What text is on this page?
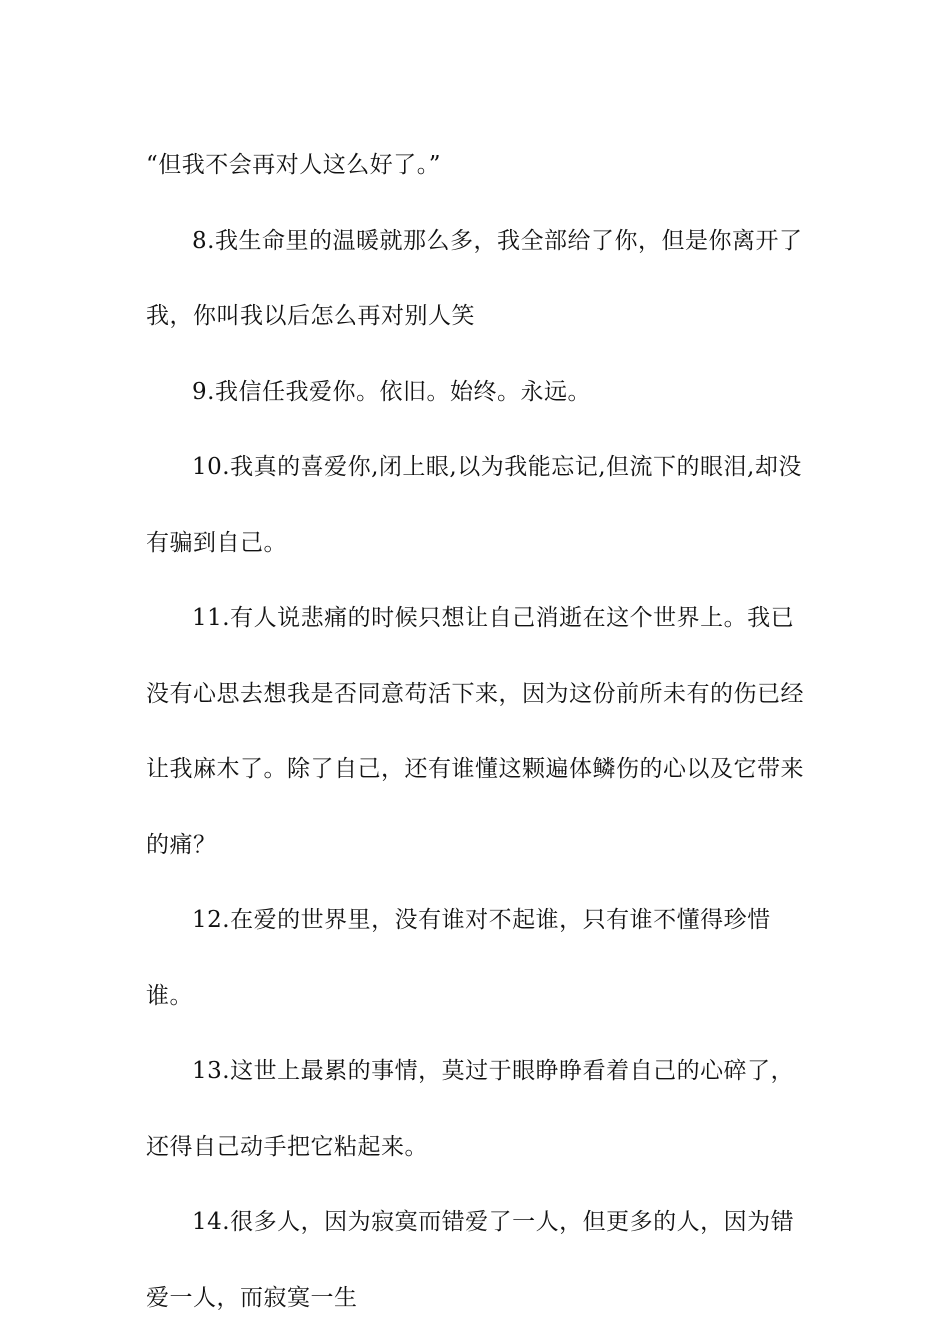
“但我不会再对人这么好了。”

8.我生命里的温暖就那么多，我全部给了你，但是你离开了我，你叫我以后怎么再对别人笑

9.我信任我爱你。依旧。始终。永远。

10.我真的喜爱你,闭上眼,以为我能忘记,但流下的眼泪,却没有骗到自己。

11.有人说悲痛的时候只想让自己消逝在这个世界上。我已没有心思去想我是否同意苟活下来，因为这份前所未有的伤已经让我麻木了。除了自己，还有谁懂这颗遍体鳞伤的心以及它带来的痛？

12.在爱的世界里，没有谁对不起谁，只有谁不懂得珍惜谁。

13.这世上最累的事情，莫过于眼睁睁看着自己的心碎了，还得自己动手把它粘起来。

14.很多人，因为寂寞而错爱了一人，但更多的人，因为错爱一人，而寂寞一生
